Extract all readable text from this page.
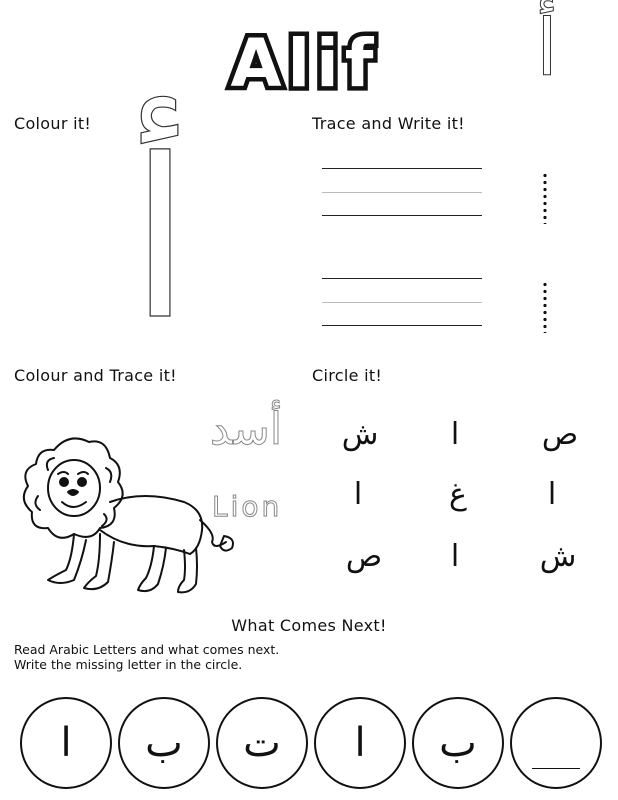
Alif أ
Colour it!	Trace and Write it!
أ
Colour and Trace it!	Circle it!
أسد
Lion
ص
ا
ش
ا
غ
ا
ش
ا
ص
What Comes Next!
Read Arabic Letters and what comes next.
Write the missing letter in the circle.
ا ب ت ا ب
